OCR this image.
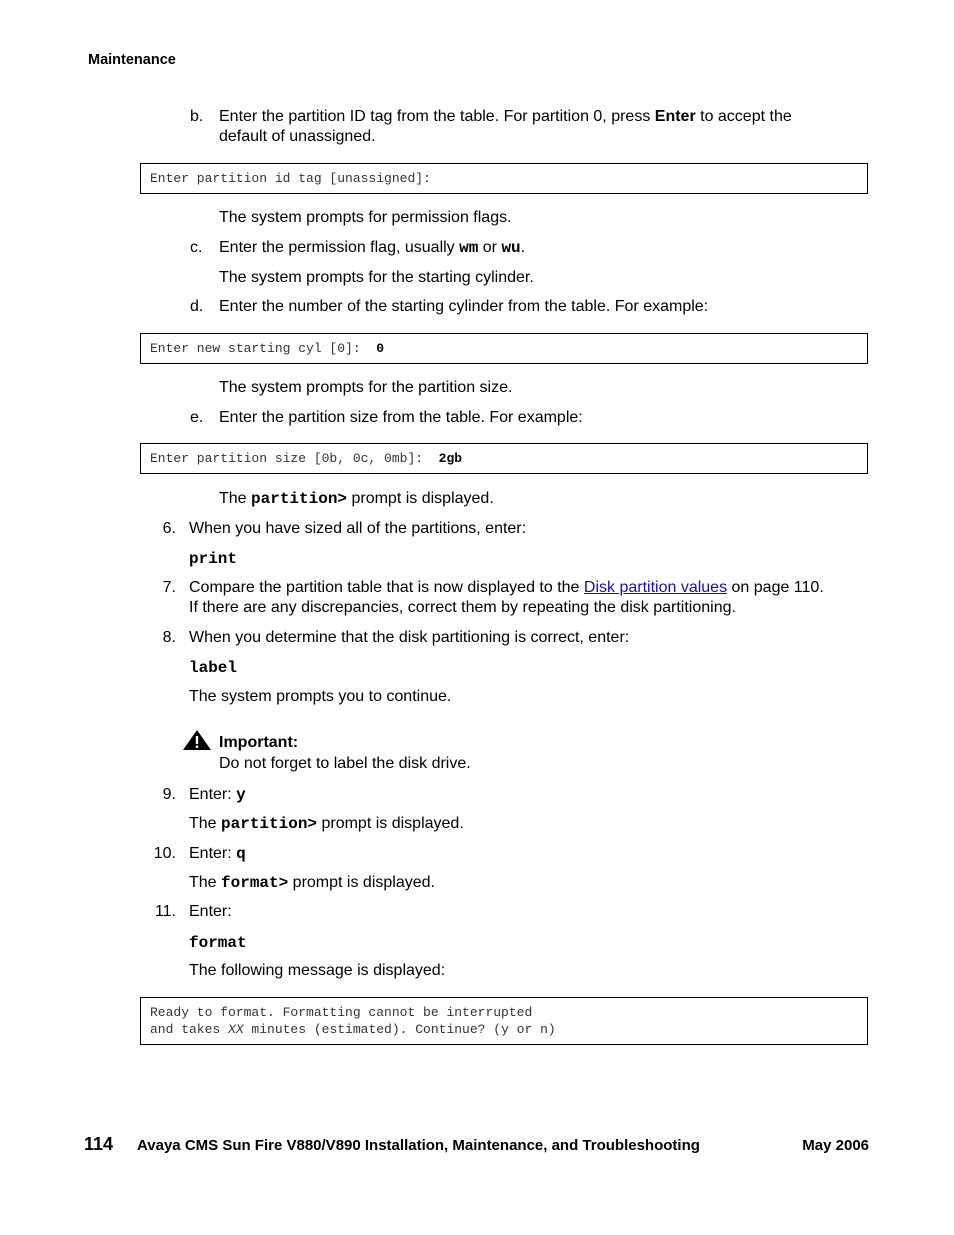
Maintenance
b. Enter the partition ID tag from the table. For partition 0, press Enter to accept the
default of unassigned.
Enter partition id tag [unassigned]:
The system prompts for permission flags.
c. Enter the permission flag, usually wm or wu.
The system prompts for the starting cylinder.
d. Enter the number of the starting cylinder from the table. For example:
Enter new starting cyl [0]: 0
The system prompts for the partition size.
e. Enter the partition size from the table. For example:
Enter partition size [0b, 0c, 0mb]: 2gb
The partition> prompt is displayed.
6. When you have sized all of the partitions, enter:
print
7. Compare the partition table that is now displayed to the Disk partition values on page 110.
If there are any discrepancies, correct them by repeating the disk partitioning.
8. When you determine that the disk partitioning is correct, enter:
label
The system prompts you to continue.
Important:
Do not forget to label the disk drive.
9. Enter: y
The partition> prompt is displayed.
10. Enter: q
The format> prompt is displayed.
11. Enter:
format
The following message is displayed:
Ready to format. Formatting cannot be interrupted
and takes XX minutes (estimated). Continue? (y or n)
114 Avaya CMS Sun Fire V880/V890 Installation, Maintenance, and Troubleshooting	May 2006
